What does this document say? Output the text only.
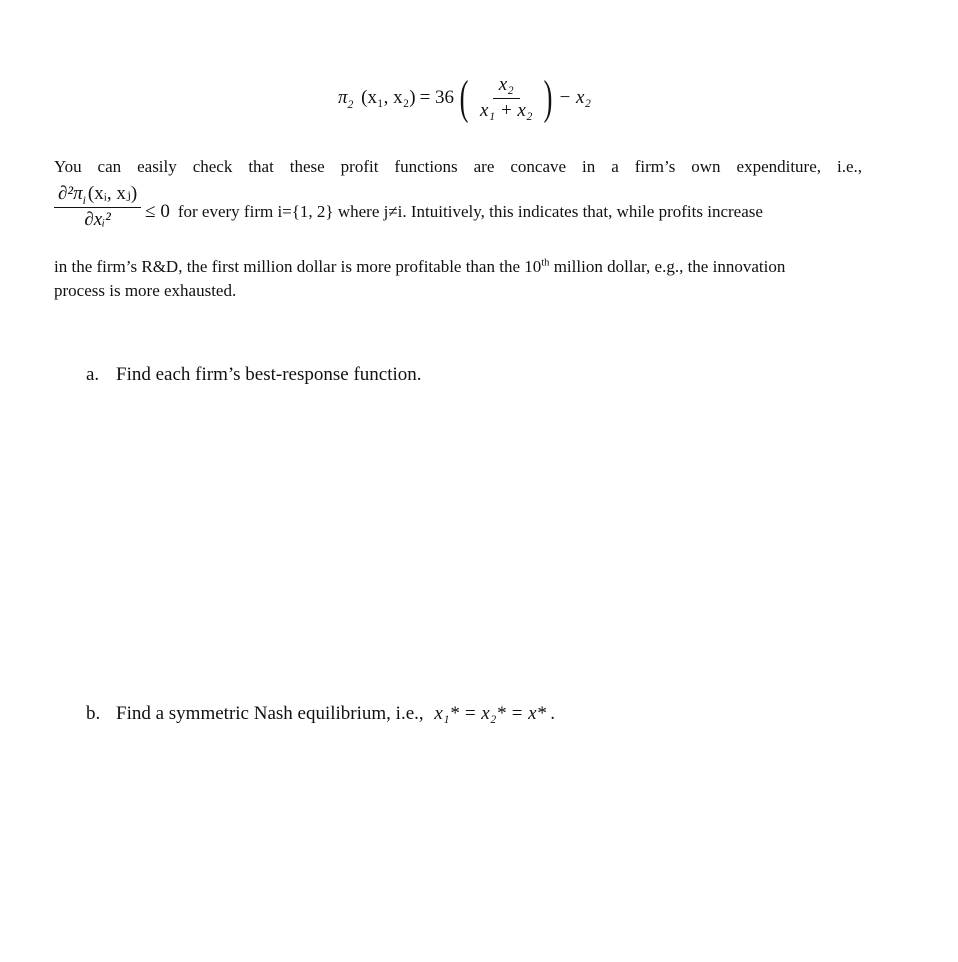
$\pi_2$ (x₁, x₂) = 36 ( $\frac{\text{x₂}}{\text{x₁ + x₂}}$ ) − x₂
You can easily check that these profit functions are concave in a firm’s own expenditure, i.e.,
$\frac{\partial^2\pi_i (xᵢ, xⱼ)}{\text{∂xᵢ²}} \le 0$ for every firm i={1, 2} where j≠i. Intuitively, this indicates that, while profits increase
in the firm’s R&D, the first million dollar is more profitable than the 10th million dollar, e.g., the innovation
process is more exhausted.
a. Find each firm’s best-response function.
b. Find a symmetric Nash equilibrium, i.e., x₁* = x₂* = x* .
